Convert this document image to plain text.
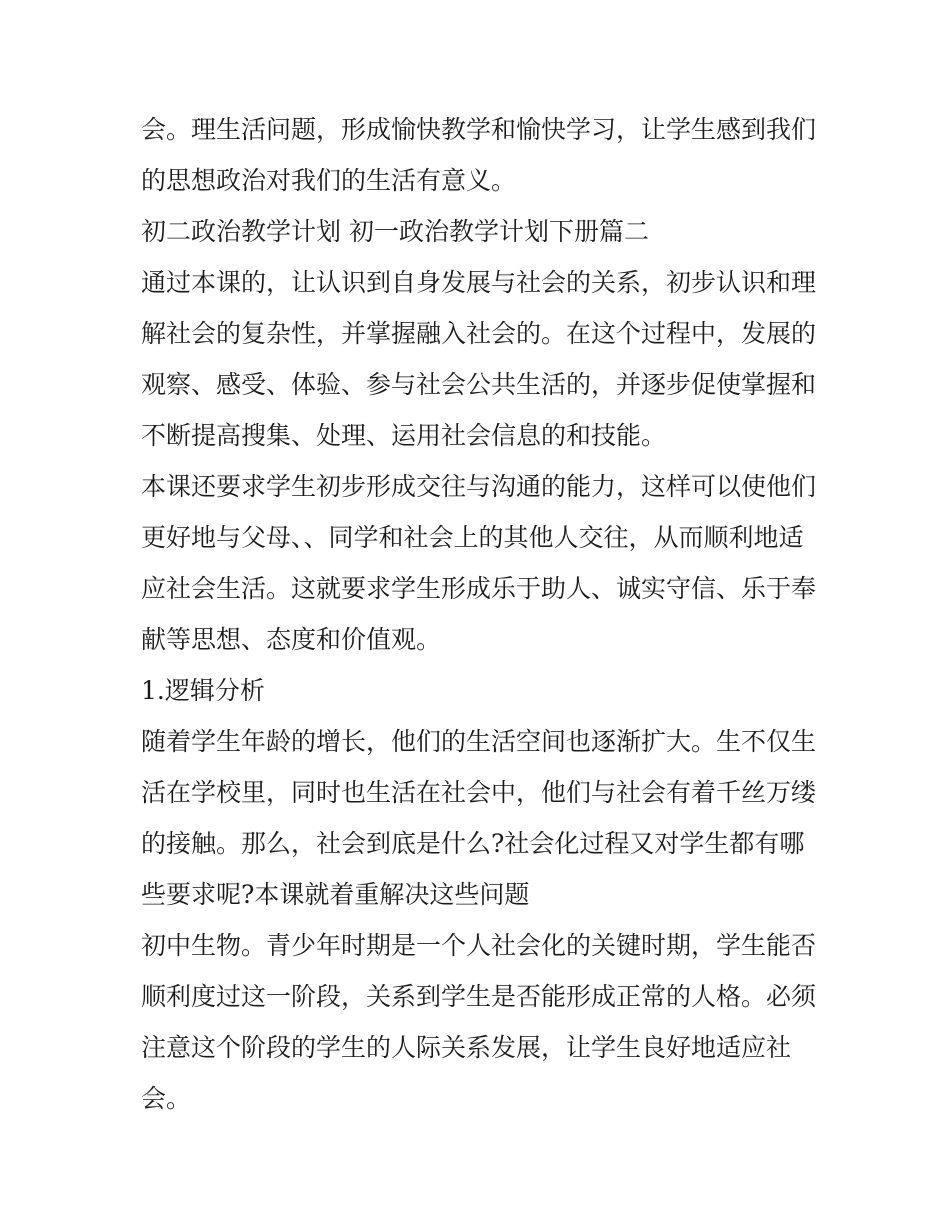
会。理生活问题，形成愉快教学和愉快学习，让学生感到我们
的思想政治对我们的生活有意义。
初二政治教学计划 初一政治教学计划下册篇二
通过本课的，让认识到自身发展与社会的关系，初步认识和理
解社会的复杂性，并掌握融入社会的。在这个过程中，发展的
观察、感受、体验、参与社会公共生活的，并逐步促使掌握和
不断提高搜集、处理、运用社会信息的和技能。
本课还要求学生初步形成交往与沟通的能力，这样可以使他们
更好地与父母、、同学和社会上的其他人交往，从而顺利地适
应社会生活。这就要求学生形成乐于助人、诚实守信、乐于奉
献等思想、态度和价值观。
1.逻辑分析
随着学生年龄的增长，他们的生活空间也逐渐扩大。生不仅生
活在学校里，同时也生活在社会中，他们与社会有着千丝万缕
的接触。那么，社会到底是什么?社会化过程又对学生都有哪
些要求呢?本课就着重解决这些问题
初中生物。青少年时期是一个人社会化的关键时期，学生能否
顺利度过这一阶段，关系到学生是否能形成正常的人格。必须
注意这个阶段的学生的人际关系发展，让学生良好地适应社
会。
